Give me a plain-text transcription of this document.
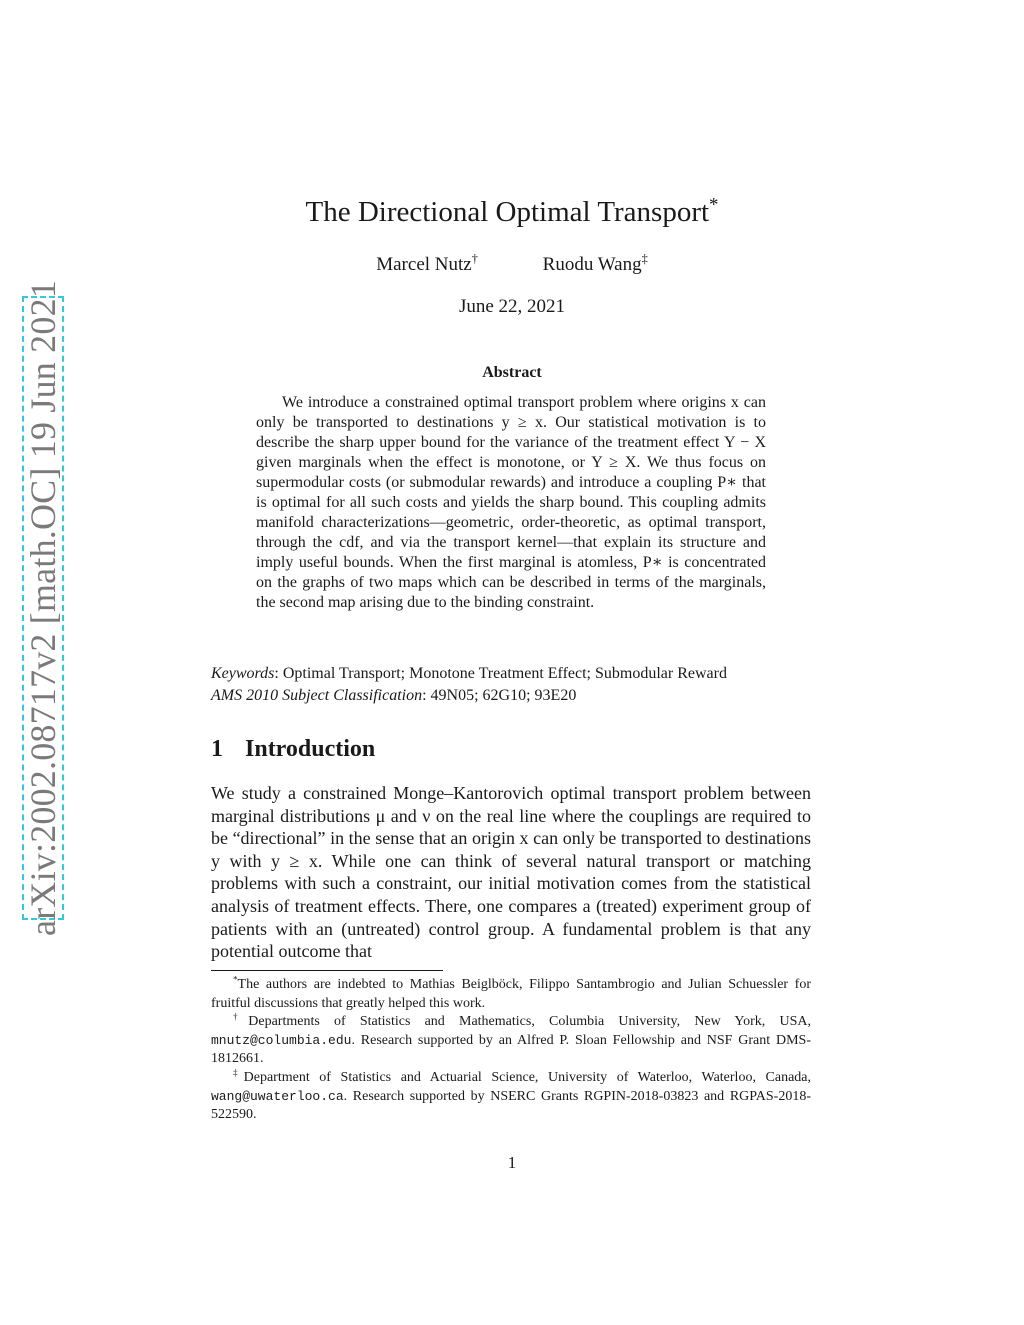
arXiv:2002.08717v2 [math.OC] 19 Jun 2021
The Directional Optimal Transport*
Marcel Nutz†	Ruodu Wang‡
June 22, 2021
Abstract

We introduce a constrained optimal transport problem where origins x can only be transported to destinations y ≥ x. Our statistical motivation is to describe the sharp upper bound for the variance of the treatment effect Y − X given marginals when the effect is monotone, or Y ≥ X. We thus focus on supermodular costs (or submodular rewards) and introduce a coupling P∗ that is optimal for all such costs and yields the sharp bound. This coupling admits manifold characterizations—geometric, order-theoretic, as optimal transport, through the cdf, and via the transport kernel—that explain its structure and imply useful bounds. When the first marginal is atomless, P∗ is concentrated on the graphs of two maps which can be described in terms of the marginals, the second map arising due to the binding constraint.

Keywords: Optimal Transport; Monotone Treatment Effect; Submodular Reward
AMS 2010 Subject Classification: 49N05; 62G10; 93E20
1 Introduction

We study a constrained Monge–Kantorovich optimal transport problem between marginal distributions μ and ν on the real line where the couplings are required to be “directional” in the sense that an origin x can only be transported to destinations y with y ≥ x. While one can think of several natural transport or matching problems with such a constraint, our initial motivation comes from the statistical analysis of treatment effects. There, one compares a (treated) experiment group of patients with an (untreated) control group. A fundamental problem is that any potential outcome that

*The authors are indebted to Mathias Beiglböck, Filippo Santambrogio and Julian Schuessler for fruitful discussions that greatly helped this work.

†Departments of Statistics and Mathematics, Columbia University, New York, USA, mnutz@columbia.edu. Research supported by an Alfred P. Sloan Fellowship and NSF Grant DMS-1812661.

‡Department of Statistics and Actuarial Science, University of Waterloo, Waterloo, Canada, wang@uwaterloo.ca. Research supported by NSERC Grants RGPIN-2018-03823 and RGPAS-2018-522590.

1
